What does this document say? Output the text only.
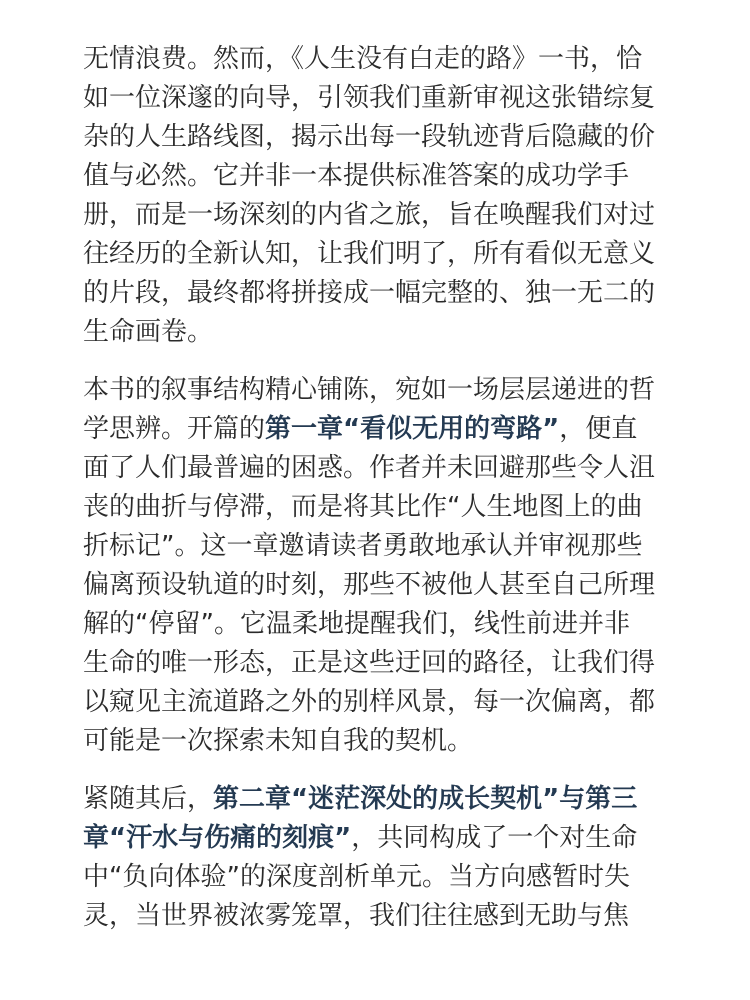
无情浪费。然而，《人生没有白走的路》一书，恰
如一位深邃的向导，引领我们重新审视这张错综复
杂的人生路线图，揭示出每一段轨迹背后隐藏的价
值与必然。它并非一本提供标准答案的成功学手
册，而是一场深刻的内省之旅，旨在唤醒我们对过
往经历的全新认知，让我们明了，所有看似无意义
的片段，最终都将拼接成一幅完整的、独一无二的
生命画卷。
本书的叙事结构精心铺陈，宛如一场层层递进的哲
学思辨。开篇的第一章“看似无用的弯路”，便直
面了人们最普遍的困惑。作者并未回避那些令人沮
丧的曲折与停滞，而是将其比作“人生地图上的曲
折标记”。这一章邀请读者勇敢地承认并审视那些
偏离预设轨道的时刻，那些不被他人甚至自己所理
解的“停留”。它温柔地提醒我们，线性前进并非
生命的唯一形态，正是这些迂回的路径，让我们得
以窥见主流道路之外的别样风景，每一次偏离，都
可能是一次探索未知自我的契机。
紧随其后，第二章“迷茫深处的成长契机”与第三
章“汗水与伤痛的刻痕”，共同构成了一个对生命
中“负向体验”的深度剖析单元。当方向感暂时失
灵，当世界被浓雾笼罩，我们往往感到无助与焦
